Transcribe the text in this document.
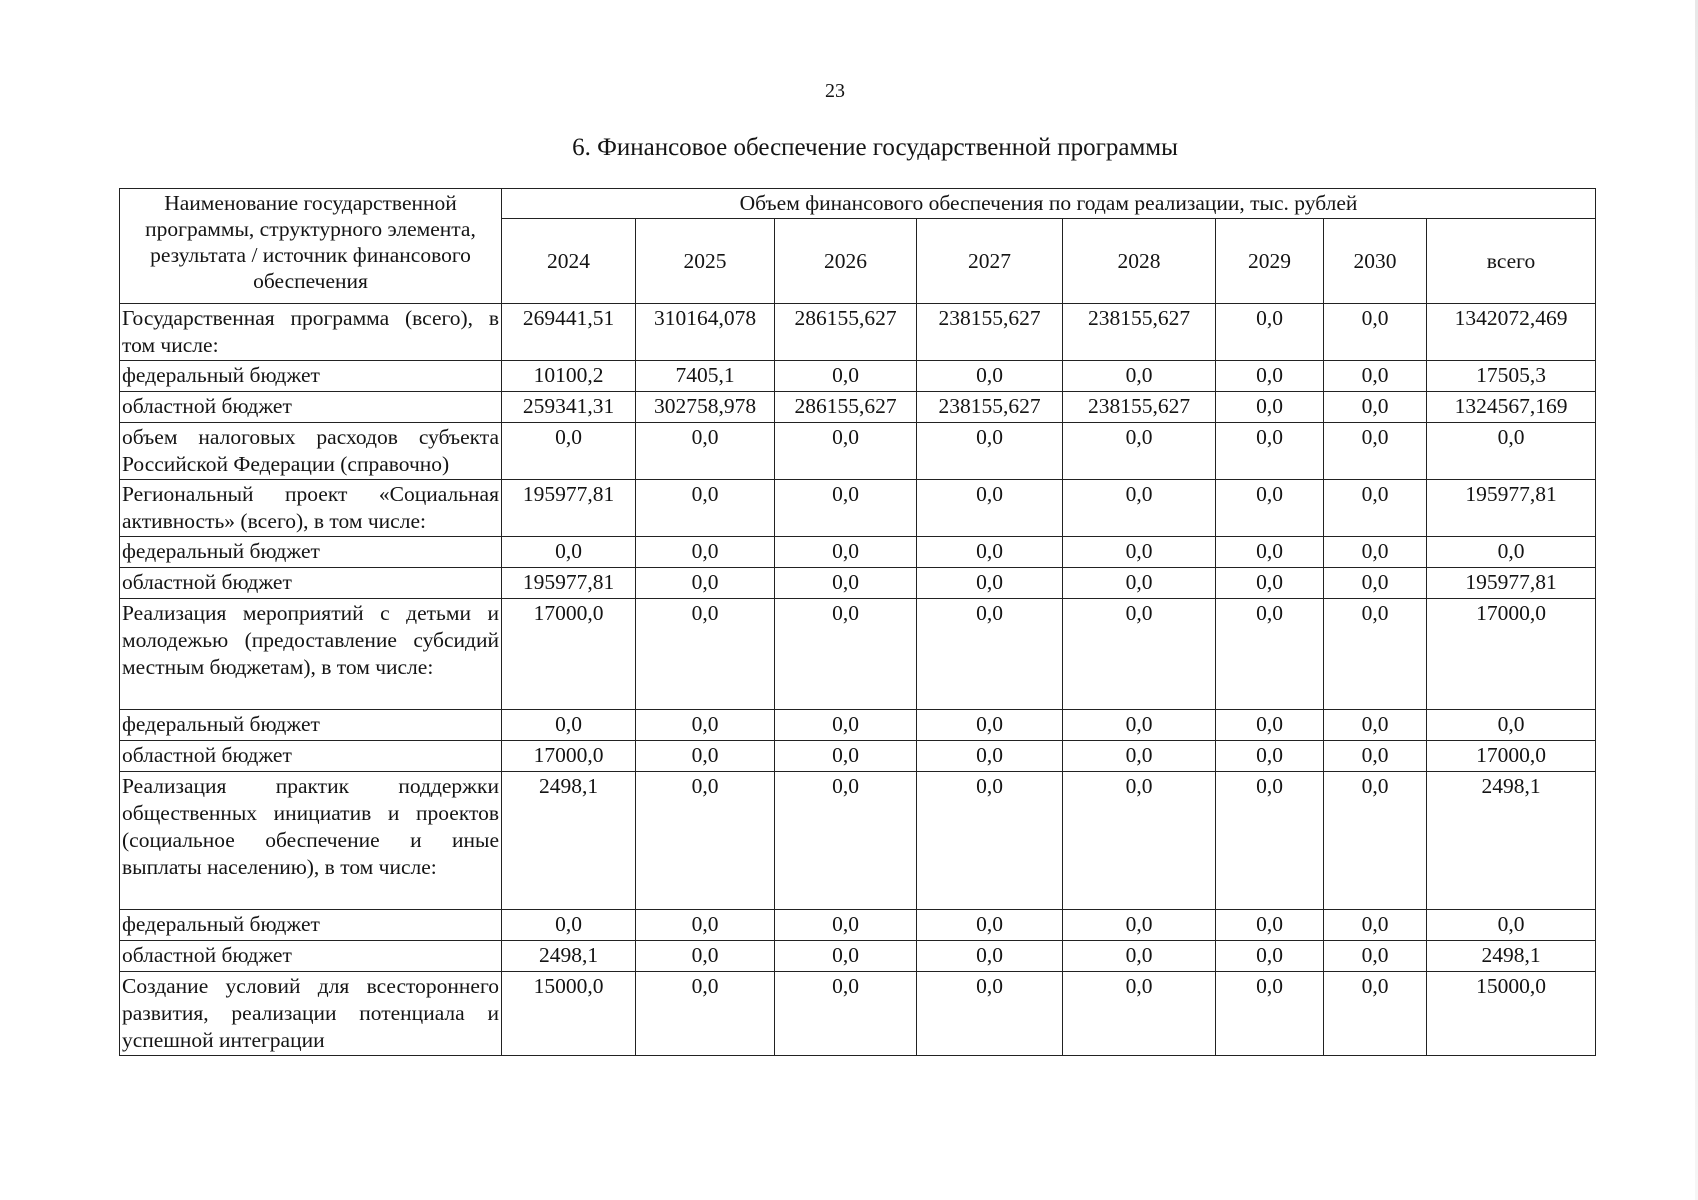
23
6. Финансовое обеспечение государственной программы
Наименование государственной программы, структурного элемента, результата / источник финансового обеспечения	Объем финансового обеспечения по годам реализации, тыс. рублей							
	2024	2025	2026	2027	2028	2029	2030	всего
Государственная программа (всего), в том числе:	269441,51	310164,078	286155,627	238155,627	238155,627	0,0	0,0	1342072,469
федеральный бюджет	10100,2	7405,1	0,0	0,0	0,0	0,0	0,0	17505,3
областной бюджет	259341,31	302758,978	286155,627	238155,627	238155,627	0,0	0,0	1324567,169
объем налоговых расходов субъекта Российской Федерации (справочно)	0,0	0,0	0,0	0,0	0,0	0,0	0,0	0,0
Региональный проект «Социальная активность» (всего), в том числе:	195977,81	0,0	0,0	0,0	0,0	0,0	0,0	195977,81
федеральный бюджет	0,0	0,0	0,0	0,0	0,0	0,0	0,0	0,0
областной бюджет	195977,81	0,0	0,0	0,0	0,0	0,0	0,0	195977,81
Реализация мероприятий с детьми и молодежью (предоставление субсидий местным бюджетам), в том числе:	17000,0	0,0	0,0	0,0	0,0	0,0	0,0	17000,0
федеральный бюджет	0,0	0,0	0,0	0,0	0,0	0,0	0,0	0,0
областной бюджет	17000,0	0,0	0,0	0,0	0,0	0,0	0,0	17000,0
Реализация практик поддержки общественных инициатив и проектов (социальное обеспечение и иные выплаты населению), в том числе:	2498,1	0,0	0,0	0,0	0,0	0,0	0,0	2498,1
федеральный бюджет	0,0	0,0	0,0	0,0	0,0	0,0	0,0	0,0
областной бюджет	2498,1	0,0	0,0	0,0	0,0	0,0	0,0	2498,1
Создание условий для всестороннего развития, реализации потенциала и успешной интеграции	15000,0	0,0	0,0	0,0	0,0	0,0	0,0	15000,0
